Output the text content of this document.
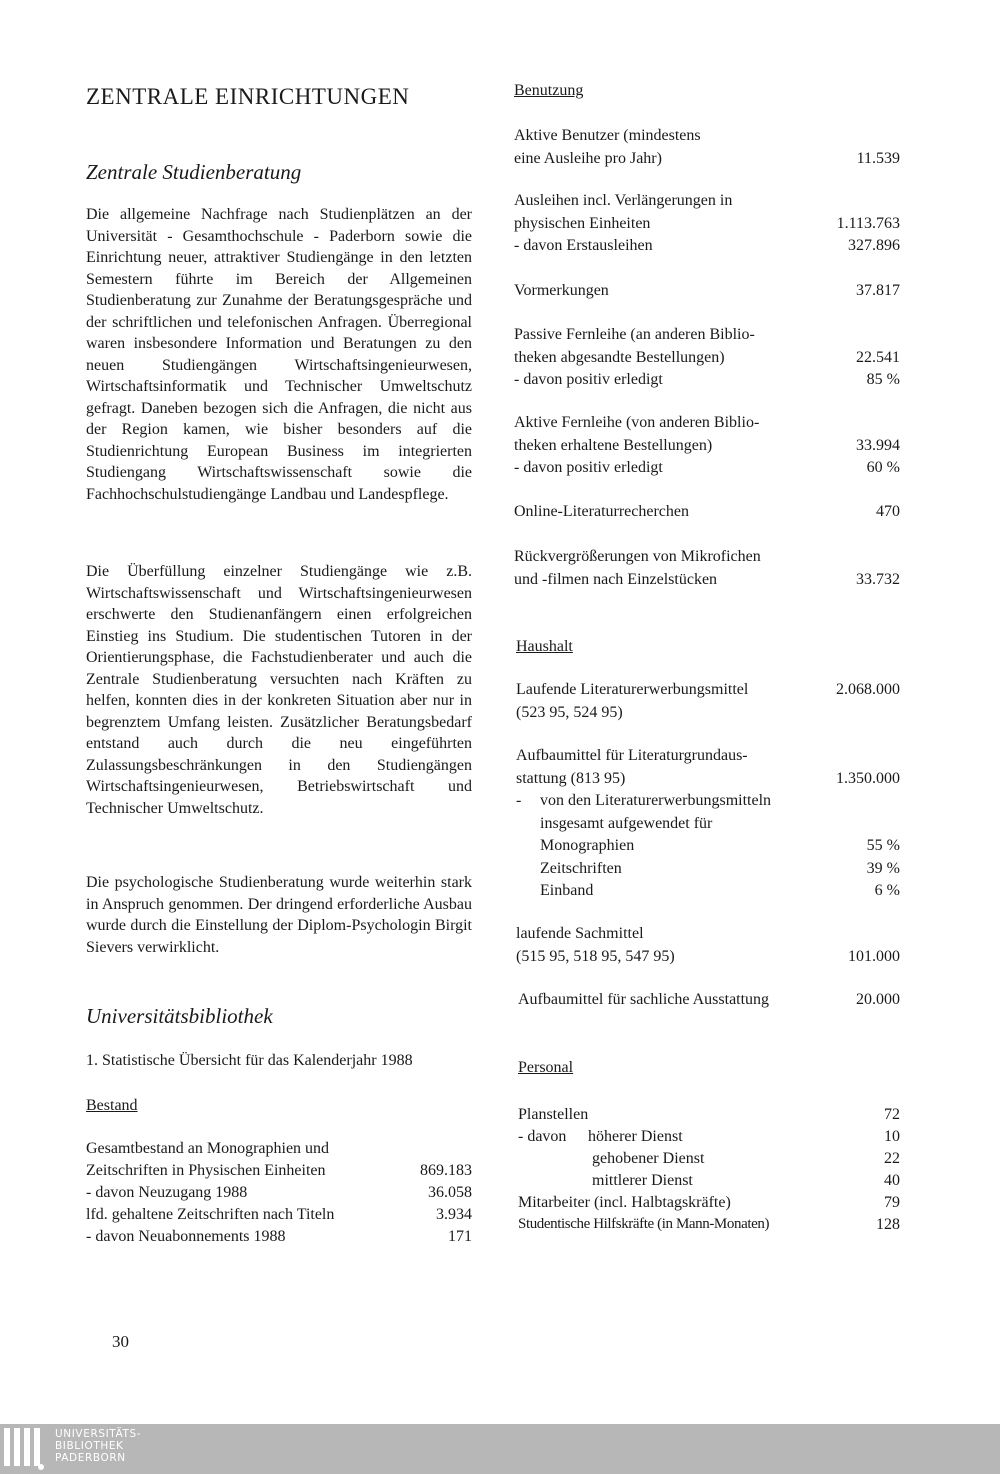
ZENTRALE EINRICHTUNGEN
Zentrale Studienberatung

Die allgemeine Nachfrage nach Studienplätzen an der Universität - Gesamthochschule - Paderborn sowie die Einrichtung neuer, attraktiver Studiengänge in den letzten Semestern führte im Bereich der Allgemeinen Studienberatung zur Zunahme der Beratungsgespräche und der schriftlichen und telefonischen Anfragen. Überregional waren insbesondere Information und Beratungen zu den neuen Studiengängen Wirtschaftsingenieurwesen, Wirtschaftsinformatik und Technischer Umweltschutz gefragt. Daneben bezogen sich die Anfragen, die nicht aus der Region kamen, wie bisher besonders auf die Studienrichtung European Business im integrierten Studiengang Wirtschaftswissenschaft sowie die Fachhochschulstudiengänge Landbau und Landespflege.

Die Überfüllung einzelner Studiengänge wie z.B. Wirtschaftswissenschaft und Wirtschaftsingenieurwesen erschwerte den Studienanfängern einen erfolgreichen Einstieg ins Studium. Die studentischen Tutoren in der Orientierungsphase, die Fachstudienberater und auch die Zentrale Studienberatung versuchten nach Kräften zu helfen, konnten dies in der konkreten Situation aber nur in begrenztem Umfang leisten. Zusätzlicher Beratungsbedarf entstand auch durch die neu eingeführten Zulassungsbeschränkungen in den Studiengängen Wirtschaftsingenieurwesen, Betriebswirtschaft und Technischer Umweltschutz.

Die psychologische Studienberatung wurde weiterhin stark in Anspruch genommen. Der dringend erforderliche Ausbau wurde durch die Einstellung der Diplom-Psychologin Birgit Sievers verwirklicht.

Universitätsbibliothek

1. Statistische Übersicht für das Kalenderjahr 1988

Bestand

Gesamtbestand an Monographien und
Zeitschriften in Physischen Einheiten	869.183
- davon Neuzugang 1988	36.058
lfd. gehaltene Zeitschriften nach Titeln	3.934
- davon Neuabonnements 1988	171

Benutzung

Aktive Benutzer (mindestens
eine Ausleihe pro Jahr)	11.539
Ausleihen incl. Verlängerungen in
physischen Einheiten	1.113.763
- davon Erstausleihen	327.896
Vormerkungen	37.817
Passive Fernleihe (an anderen Biblio-
theken abgesandte Bestellungen)	22.541
- davon positiv erledigt	85 %
Aktive Fernleihe (von anderen Biblio-
theken erhaltene Bestellungen)	33.994
- davon positiv erledigt	60 %
Online-Literaturrecherchen	470
Rückvergrößerungen von Mikrofichen
und -filmen nach Einzelstücken	33.732

Haushalt

Laufende Literaturerwerbungsmittel	2.068.000
(523 95, 524 95)
Aufbaumittel für Literaturgrundaus-
stattung (813 95)	1.350.000
-	von den Literaturerwerbungsmitteln
insgesamt aufgewendet für
Monographien	55 %
Zeitschriften	39 %
Einband	6 %
laufende Sachmittel
(515 95, 518 95, 547 95)	101.000
Aufbaumittel für sachliche Ausstattung	20.000

Personal

Planstellen	72
- davon höherer Dienst	10
gehobener Dienst	22
mittlerer Dienst	40
Mitarbeiter (incl. Halbtagskräfte)	79
Studentische Hilfskräfte (in Mann-Monaten)	128

30

UNIVERSITÄTS-
BIBLIOTHEK
PADERBORN
